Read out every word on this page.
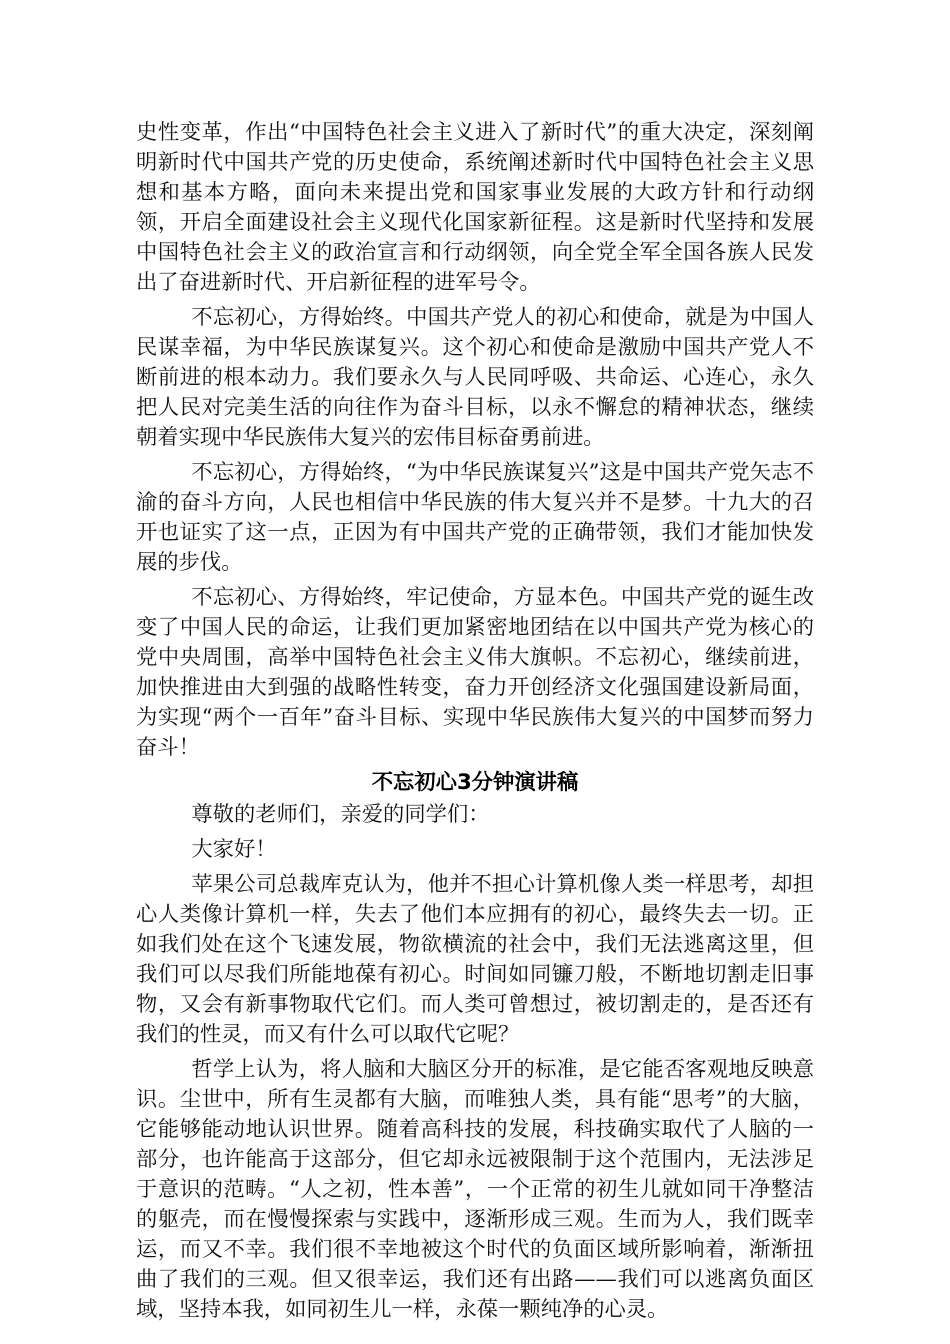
史性变革，作出“中国特色社会主义进入了新时代”的重大决定，深刻阐明新时代中国共产党的历史使命，系统阐述新时代中国特色社会主义思想和基本方略，面向未来提出党和国家事业发展的大政方针和行动纲领，开启全面建设社会主义现代化国家新征程。这是新时代坚持和发展中国特色社会主义的政治宣言和行动纲领，向全党全军全国各族人民发出了奋进新时代、开启新征程的进军号令。

不忘初心，方得始终。中国共产党人的初心和使命，就是为中国人民谋幸福，为中华民族谋复兴。这个初心和使命是激励中国共产党人不断前进的根本动力。我们要永久与人民同呼吸、共命运、心连心，永久把人民对完美生活的向往作为奋斗目标，以永不懈怠的精神状态，继续朝着实现中华民族伟大复兴的宏伟目标奋勇前进。

不忘初心，方得始终，“为中华民族谋复兴”这是中国共产党矢志不渝的奋斗方向，人民也相信中华民族的伟大复兴并不是梦。十九大的召开也证实了这一点，正因为有中国共产党的正确带领，我们才能加快发展的步伐。

不忘初心、方得始终，牢记使命，方显本色。中国共产党的诞生改变了中国人民的命运，让我们更加紧密地团结在以中国共产党为核心的党中央周围，高举中国特色社会主义伟大旗帜。不忘初心，继续前进，加快推进由大到强的战略性转变，奋力开创经济文化强国建设新局面，为实现“两个一百年”奋斗目标、实现中华民族伟大复兴的中国梦而努力奋斗！

不忘初心3分钟演讲稿

尊敬的老师们，亲爱的同学们：

大家好！

苹果公司总裁库克认为，他并不担心计算机像人类一样思考，却担心人类像计算机一样，失去了他们本应拥有的初心，最终失去一切。正如我们处在这个飞速发展，物欲横流的社会中，我们无法逃离这里，但我们可以尽我们所能地葆有初心。时间如同镰刀般，不断地切割走旧事物，又会有新事物取代它们。而人类可曾想过，被切割走的，是否还有我们的性灵，而又有什么可以取代它呢？

哲学上认为，将人脑和大脑区分开的标准，是它能否客观地反映意识。尘世中，所有生灵都有大脑，而唯独人类，具有能“思考”的大脑，它能够能动地认识世界。随着高科技的发展，科技确实取代了人脑的一部分，也许能高于这部分，但它却永远被限制于这个范围内，无法涉足于意识的范畴。“人之初，性本善”，一个正常的初生儿就如同干净整洁的躯壳，而在慢慢探索与实践中，逐渐形成三观。生而为人，我们既幸运，而又不幸。我们很不幸地被这个时代的负面区域所影响着，渐渐扭曲了我们的三观。但又很幸运，我们还有出路——我们可以逃离负面区域，坚持本我，如同初生儿一样，永葆一颗纯净的心灵。
